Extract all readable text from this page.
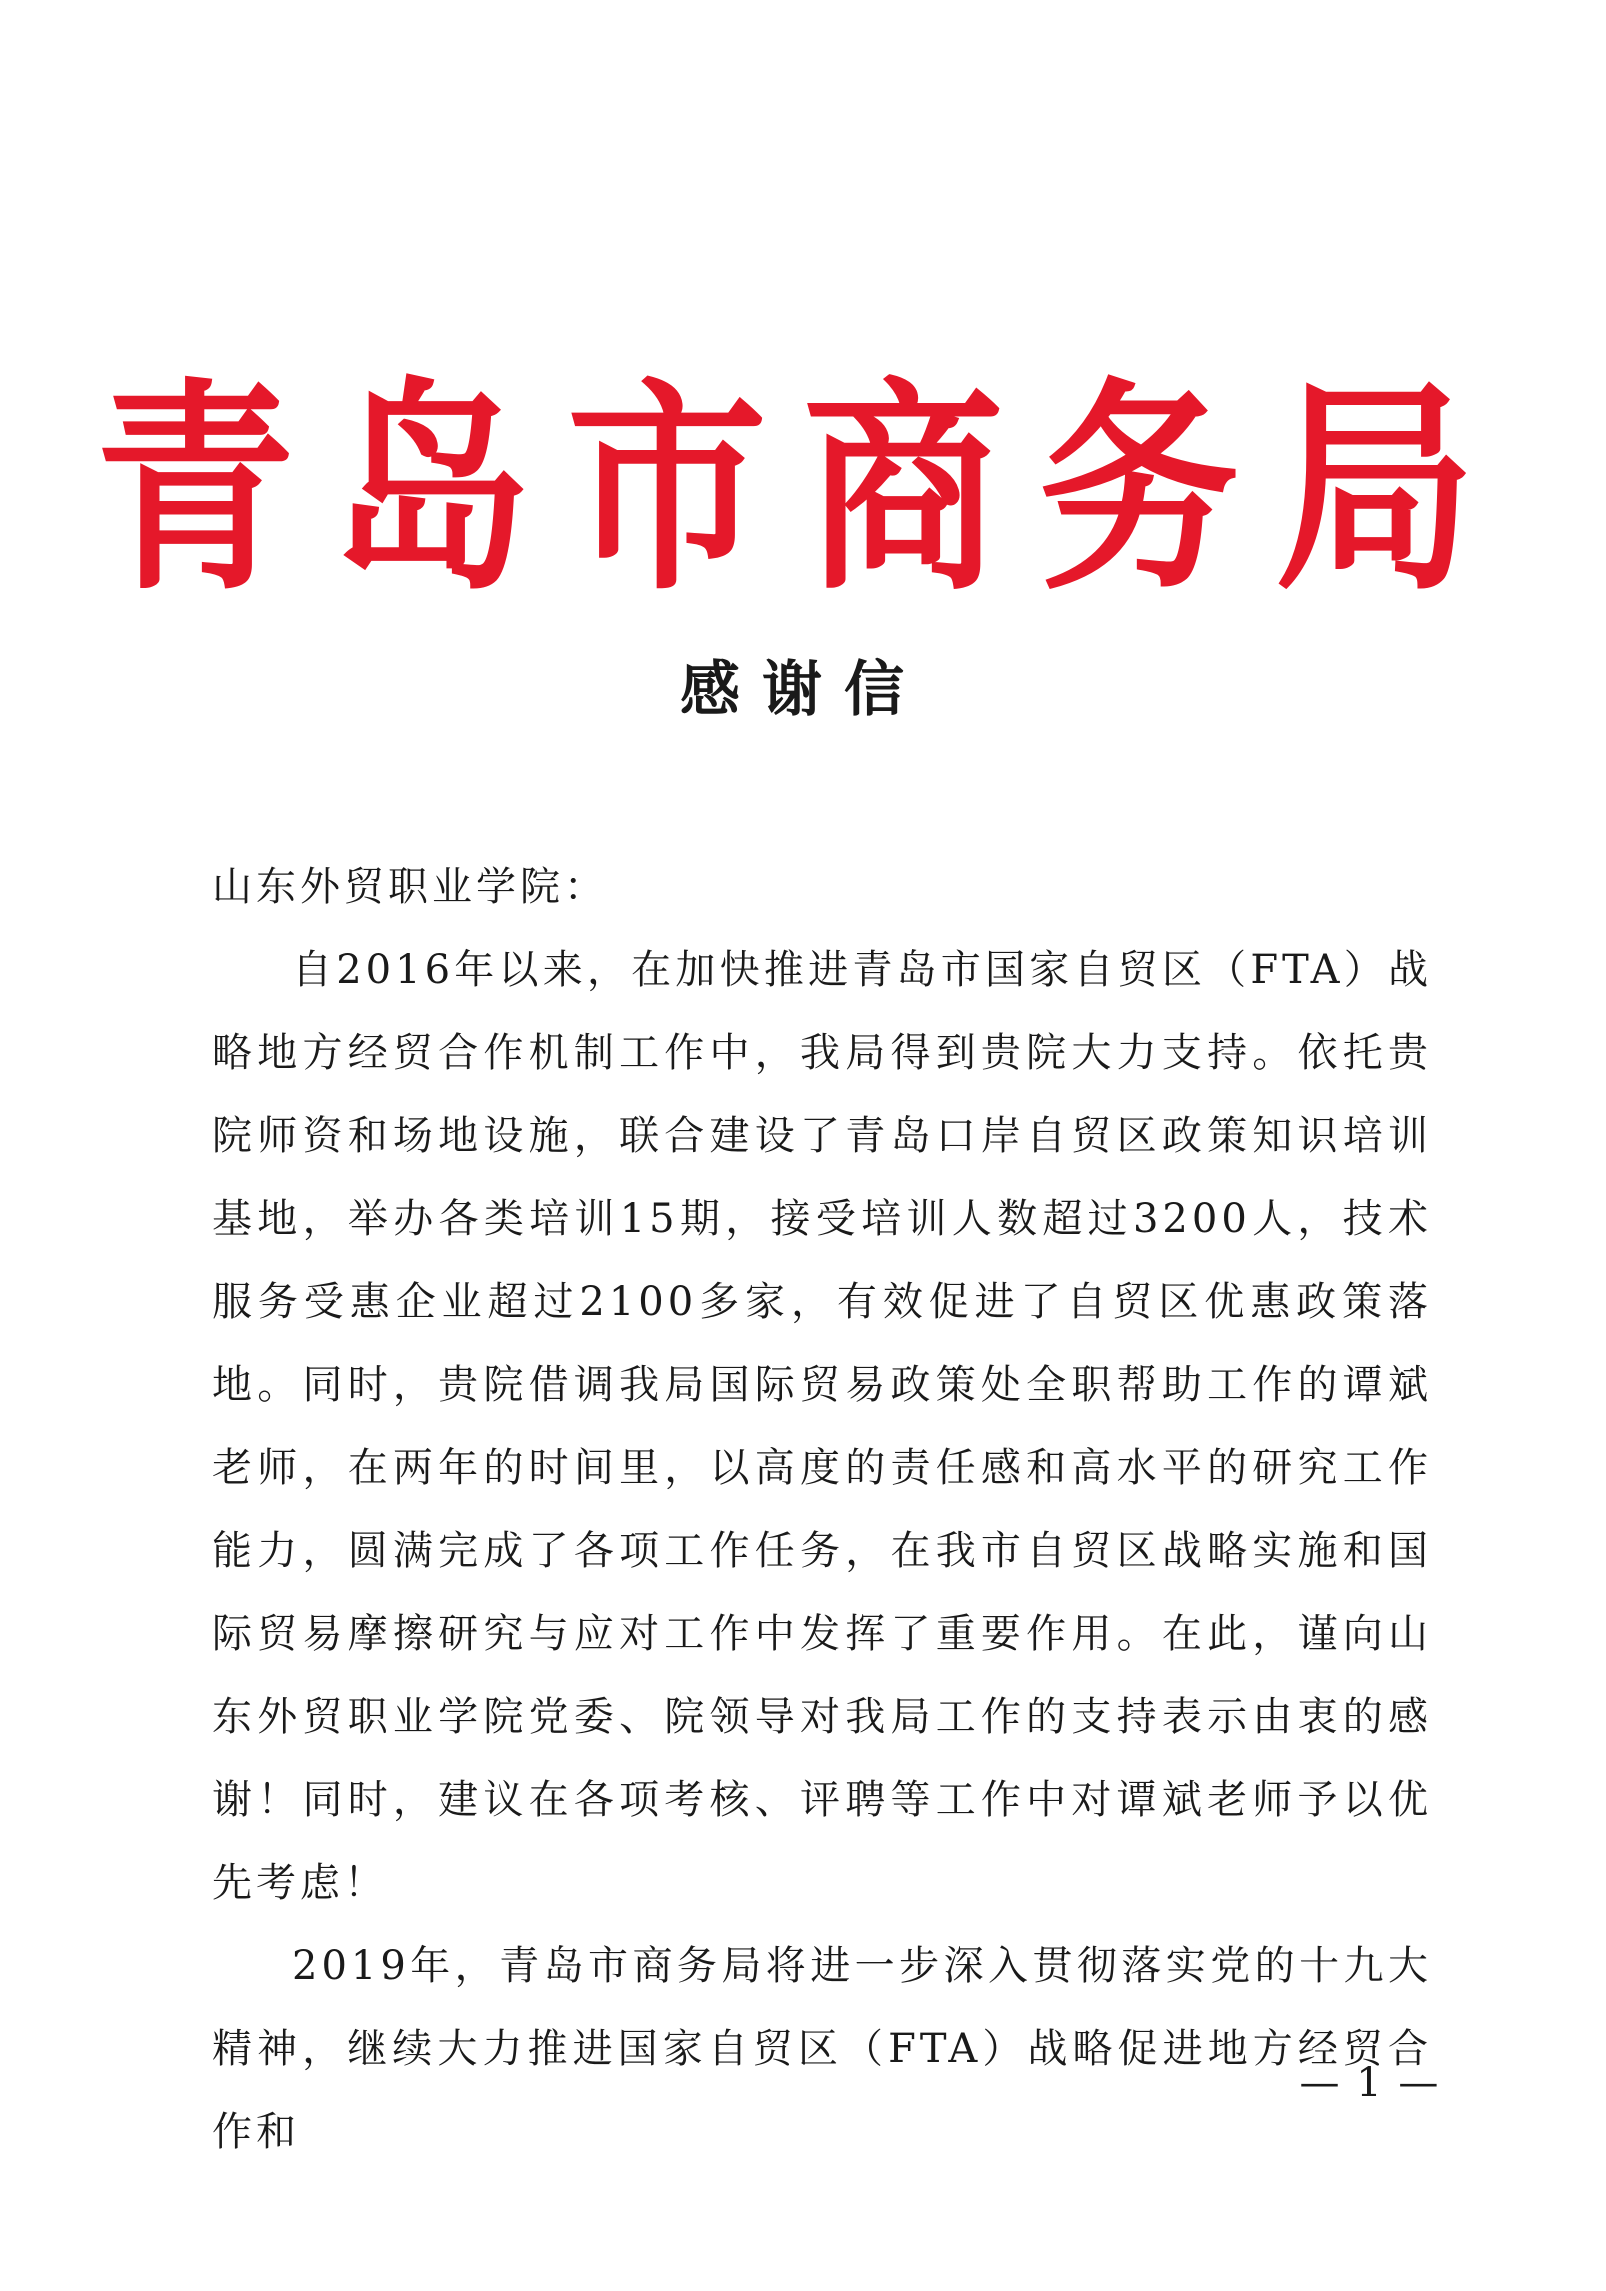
青岛市商务局
感谢信

山东外贸职业学院：

自2016年以来，在加快推进青岛市国家自贸区（FTA）战略地方经贸合作机制工作中，我局得到贵院大力支持。依托贵院师资和场地设施，联合建设了青岛口岸自贸区政策知识培训基地，举办各类培训15期，接受培训人数超过3200人，技术服务受惠企业超过2100多家，有效促进了自贸区优惠政策落地。同时，贵院借调我局国际贸易政策处全职帮助工作的谭斌老师，在两年的时间里，以高度的责任感和高水平的研究工作能力，圆满完成了各项工作任务，在我市自贸区战略实施和国际贸易摩擦研究与应对工作中发挥了重要作用。在此，谨向山东外贸职业学院党委、院领导对我局工作的支持表示由衷的感谢！同时，建议在各项考核、评聘等工作中对谭斌老师予以优先考虑！

2019年，青岛市商务局将进一步深入贯彻落实党的十九大精神，继续大力推进国家自贸区（FTA）战略促进地方经贸合作和

— 1 —
